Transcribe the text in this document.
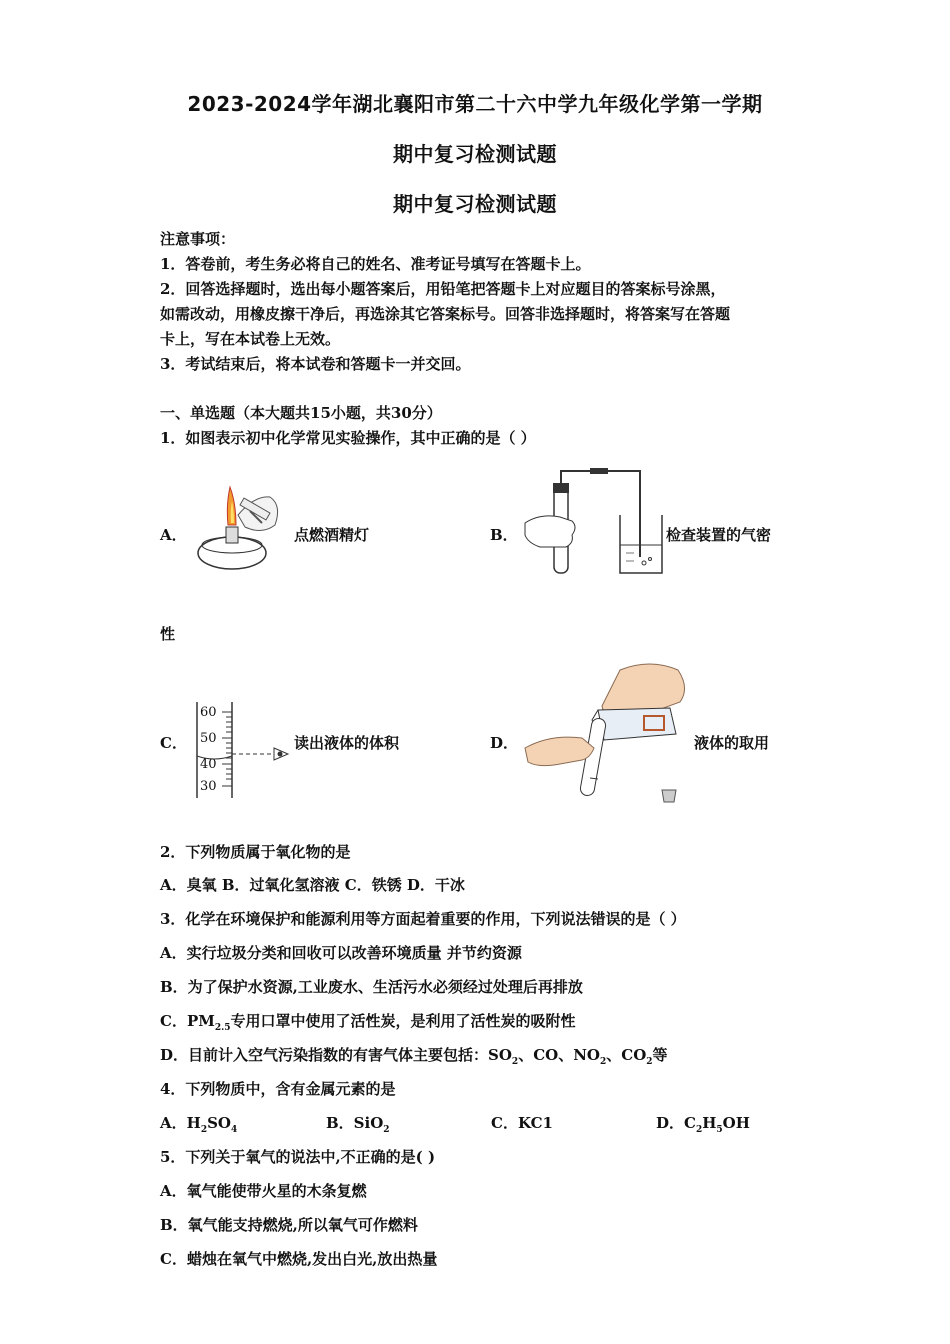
2023-2024学年湖北襄阳市第二十六中学九年级化学第一学期
期中复习检测试题
期中复习检测试题
注意事项：
1．答卷前，考生务必将自己的姓名、准考证号填写在答题卡上。
2．回答选择题时，选出每小题答案后，用铅笔把答题卡上对应题目的答案标号涂黑，
如需改动，用橡皮擦干净后，再选涂其它答案标号。回答非选择题时，将答案写在答题
卡上，写在本试卷上无效。
3．考试结束后，将本试卷和答题卡一并交回。
一、单选题（本大题共15小题，共30分）
1．如图表示初中化学常见实验操作，其中正确的是（ ）
A．	点燃酒精灯	B．	检查装置的气密
性
C．
60
50
40
30
读出液体的体积	D．	液体的取用
2．下列物质属于氧化物的是
A．臭氧 B．过氧化氢溶液 C．铁锈 D．干冰
3．化学在环境保护和能源利用等方面起着重要的作用，下列说法错误的是（ ）
A．实行垃圾分类和回收可以改善环境质量 并节约资源
B．为了保护水资源,工业废水、生活污水必须经过处理后再排放
C．$PM_{2.5}$专用口罩中使用了活性炭，是利用了活性炭的吸附性
D．目前计入空气污染指数的有害气体主要包括：$SO_2$、CO、$NO_2$、$CO_2$等
4．下列物质中，含有金属元素的是
A．$H_2SO_4$	B．SiO$_2$	C．KC1	D．$C_2H_5OH$
5．下列关于氧气的说法中,不正确的是( )
A．氧气能使带火星的木条复燃
B．氧气能支持燃烧,所以氧气可作燃料
C．蜡烛在氧气中燃烧,发出白光,放出热量
